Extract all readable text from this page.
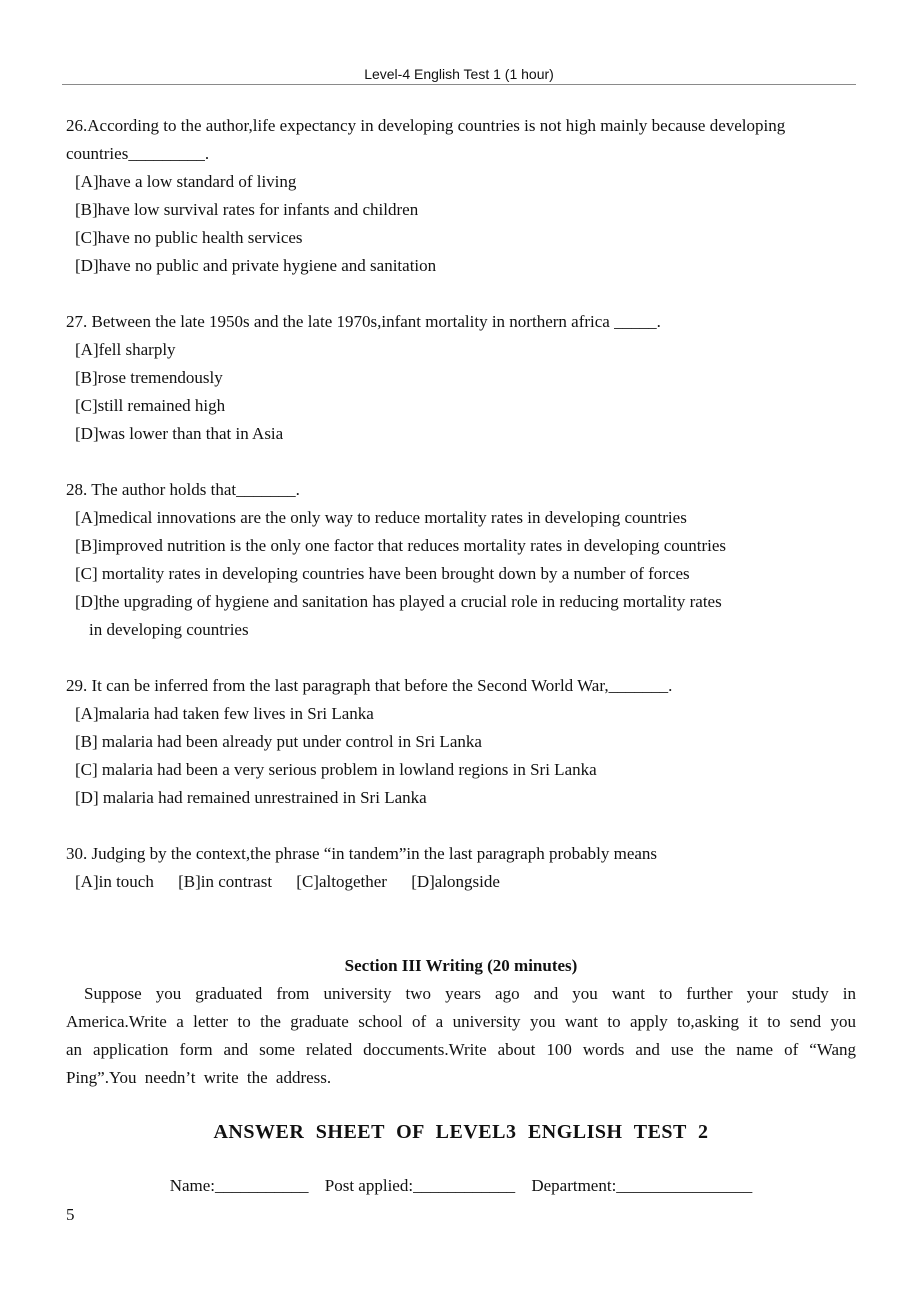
Level-4 English Test 1 (1 hour)
26.According to the author,life expectancy in developing countries is not high mainly because developing countries_________.
[A]have a low standard of living
[B]have low survival rates for infants and children
[C]have no public health services
[D]have no public and private hygiene and sanitation
27. Between the late 1950s and the late 1970s,infant mortality in northern africa _____.
[A]fell sharply
[B]rose tremendously
[C]still remained high
[D]was lower than that in Asia
28. The author holds that_______.
[A]medical innovations are the only way to reduce mortality rates in developing countries
[B]improved nutrition is the only one factor that reduces mortality rates in developing countries
[C] mortality rates in developing countries have been brought down by a number of forces
[D]the upgrading of hygiene and sanitation has played a crucial role in reducing mortality rates
in developing countries
29. It can be inferred from the last paragraph that before the Second World War,_______.
[A]malaria had taken few lives in Sri Lanka
[B] malaria had been already put under control in Sri Lanka
[C] malaria had been a very serious problem in lowland regions in Sri Lanka
[D] malaria had remained unrestrained in Sri Lanka
30. Judging by the context,the phrase “in tandem”in the last paragraph probably means
[A]in touch [B]in contrast [C]altogether [D]alongside
Section III Writing (20 minutes)
Suppose you graduated from university two years ago and you want to further your study in America.Write a letter to the graduate school of a university you want to apply to,asking it to send you an application form and some related doccuments.Write about 100 words and use the name of “Wang Ping”.You needn’t write the address.
ANSWER SHEET OF LEVEL3 ENGLISH TEST 2
Name:___________ Post applied:____________ Department:________________
5
